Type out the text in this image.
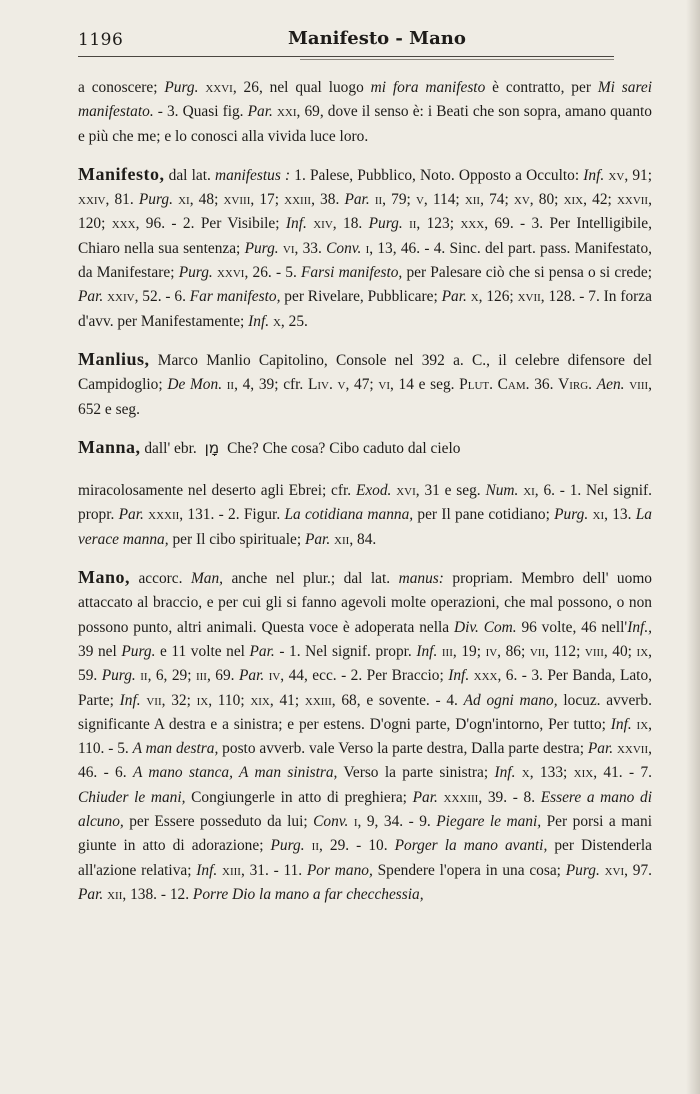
1196	Manifesto - Mano

a conoscere; Purg. xxvi, 26, nel qual luogo mi fora manifesto è contratto, per Mi sarei manifestato. - 3. Quasi fig. Par. xxi, 69, dove il senso è: i Beati che son sopra, amano quanto e più che me; e lo conosci alla vivida luce loro.

Manifesto, dal lat. manifestus : 1. Palese, Pubblico, Noto. Opposto a Occulto: Inf. xv, 91; xxiv, 81. Purg. xi, 48; xviii, 17; xxiii, 38. Par. ii, 79; v, 114; xii, 74; xv, 80; xix, 42; xxvii, 120; xxx, 96. - 2. Per Visibile; Inf. xiv, 18. Purg. ii, 123; xxx, 69. - 3. Per Intelligibile, Chiaro nella sua sentenza; Purg. vi, 33. Conv. i, 13, 46. - 4. Sinc. del part. pass. Manifestato, da Manifestare; Purg. xxvi, 26. - 5. Farsi manifesto, per Palesare ciò che si pensa o si crede; Par. xxiv, 52. - 6. Far manifesto, per Rivelare, Pubblicare; Par. x, 126; xvii, 128. - 7. In forza d'avv. per Manifestamente; Inf. x, 25.

Manlius, Marco Manlio Capitolino, Console nel 392 a. C., il celebre difensore del Campidoglio; De Mon. ii, 4, 39; cfr. Liv. v, 47; vi, 14 e seg. Plut. Cam. 36. Virg. Aen. viii, 652 e seg.

Manna, dall' ebr. מָן Che? Che cosa? Cibo caduto dal cielo
miracolosamente nel deserto agli Ebrei; cfr. Exod. xvi, 31 e seg. Num. xi, 6. - 1. Nel signif. propr. Par. xxxii, 131. - 2. Figur. La cotidiana manna, per Il pane cotidiano; Purg. xi, 13. La verace manna, per Il cibo spirituale; Par. xii, 84.

Mano, accorc. Man, anche nel plur.; dal lat. manus: propriam. Membro dell' uomo attaccato al braccio, e per cui gli si fanno agevoli molte operazioni, che mal possono, o non possono punto, altri animali. Questa voce è adoperata nella Div. Com. 96 volte, 46 nell'Inf., 39 nel Purg. e 11 volte nel Par. - 1. Nel signif. propr. Inf. iii, 19; iv, 86; vii, 112; viii, 40; ix, 59. Purg. ii, 6, 29; iii, 69. Par. iv, 44, ecc. - 2. Per Braccio; Inf. xxx, 6. - 3. Per Banda, Lato, Parte; Inf. vii, 32; ix, 110; xix, 41; xxiii, 68, e sovente. - 4. Ad ogni mano, locuz. avverb. significante A destra e a sinistra; e per estens. D'ogni parte, D'ogn'intorno, Per tutto; Inf. ix, 110. - 5. A man destra, posto avverb. vale Verso la parte destra, Dalla parte destra; Par. xxvii, 46. - 6. A mano stanca, A man sinistra, Verso la parte sinistra; Inf. x, 133; xix, 41. - 7. Chiuder le mani, Congiungerle in atto di preghiera; Par. xxxiii, 39. - 8. Essere a mano di alcuno, per Essere posseduto da lui; Conv. i, 9, 34. - 9. Piegare le mani, Per porsi a mani giunte in atto di adorazione; Purg. ii, 29. - 10. Porger la mano avanti, per Distenderla all'azione relativa; Inf. xiii, 31. - 11. Por mano, Spendere l'opera in una cosa; Purg. xvi, 97. Par. xii, 138. - 12. Porre Dio la mano a far checchessia,
